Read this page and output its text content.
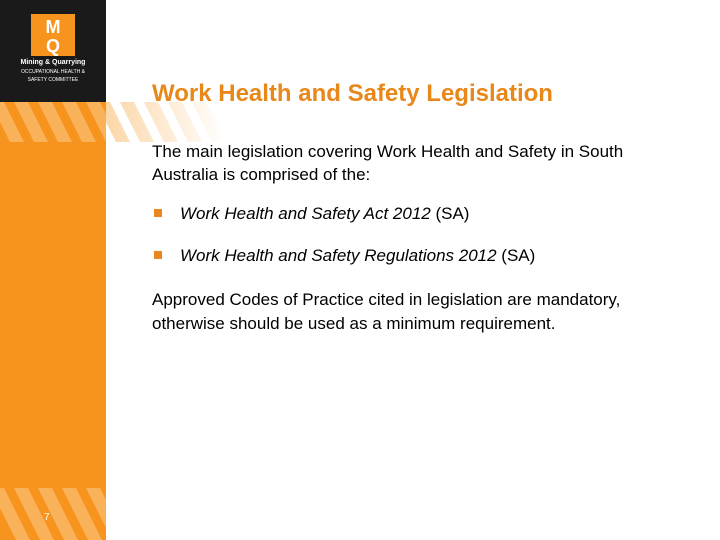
M
Q
Mining & Quarrying
OCCUPATIONAL HEALTH &
SAFETY COMMITTEE
7
Work Health and Safety Legislation
The main legislation covering Work Health and Safety in South Australia is comprised of the:
Work Health and Safety Act 2012 (SA)
Work Health and Safety Regulations 2012 (SA)
Approved Codes of Practice cited in legislation are mandatory, otherwise should be used as a minimum requirement.
